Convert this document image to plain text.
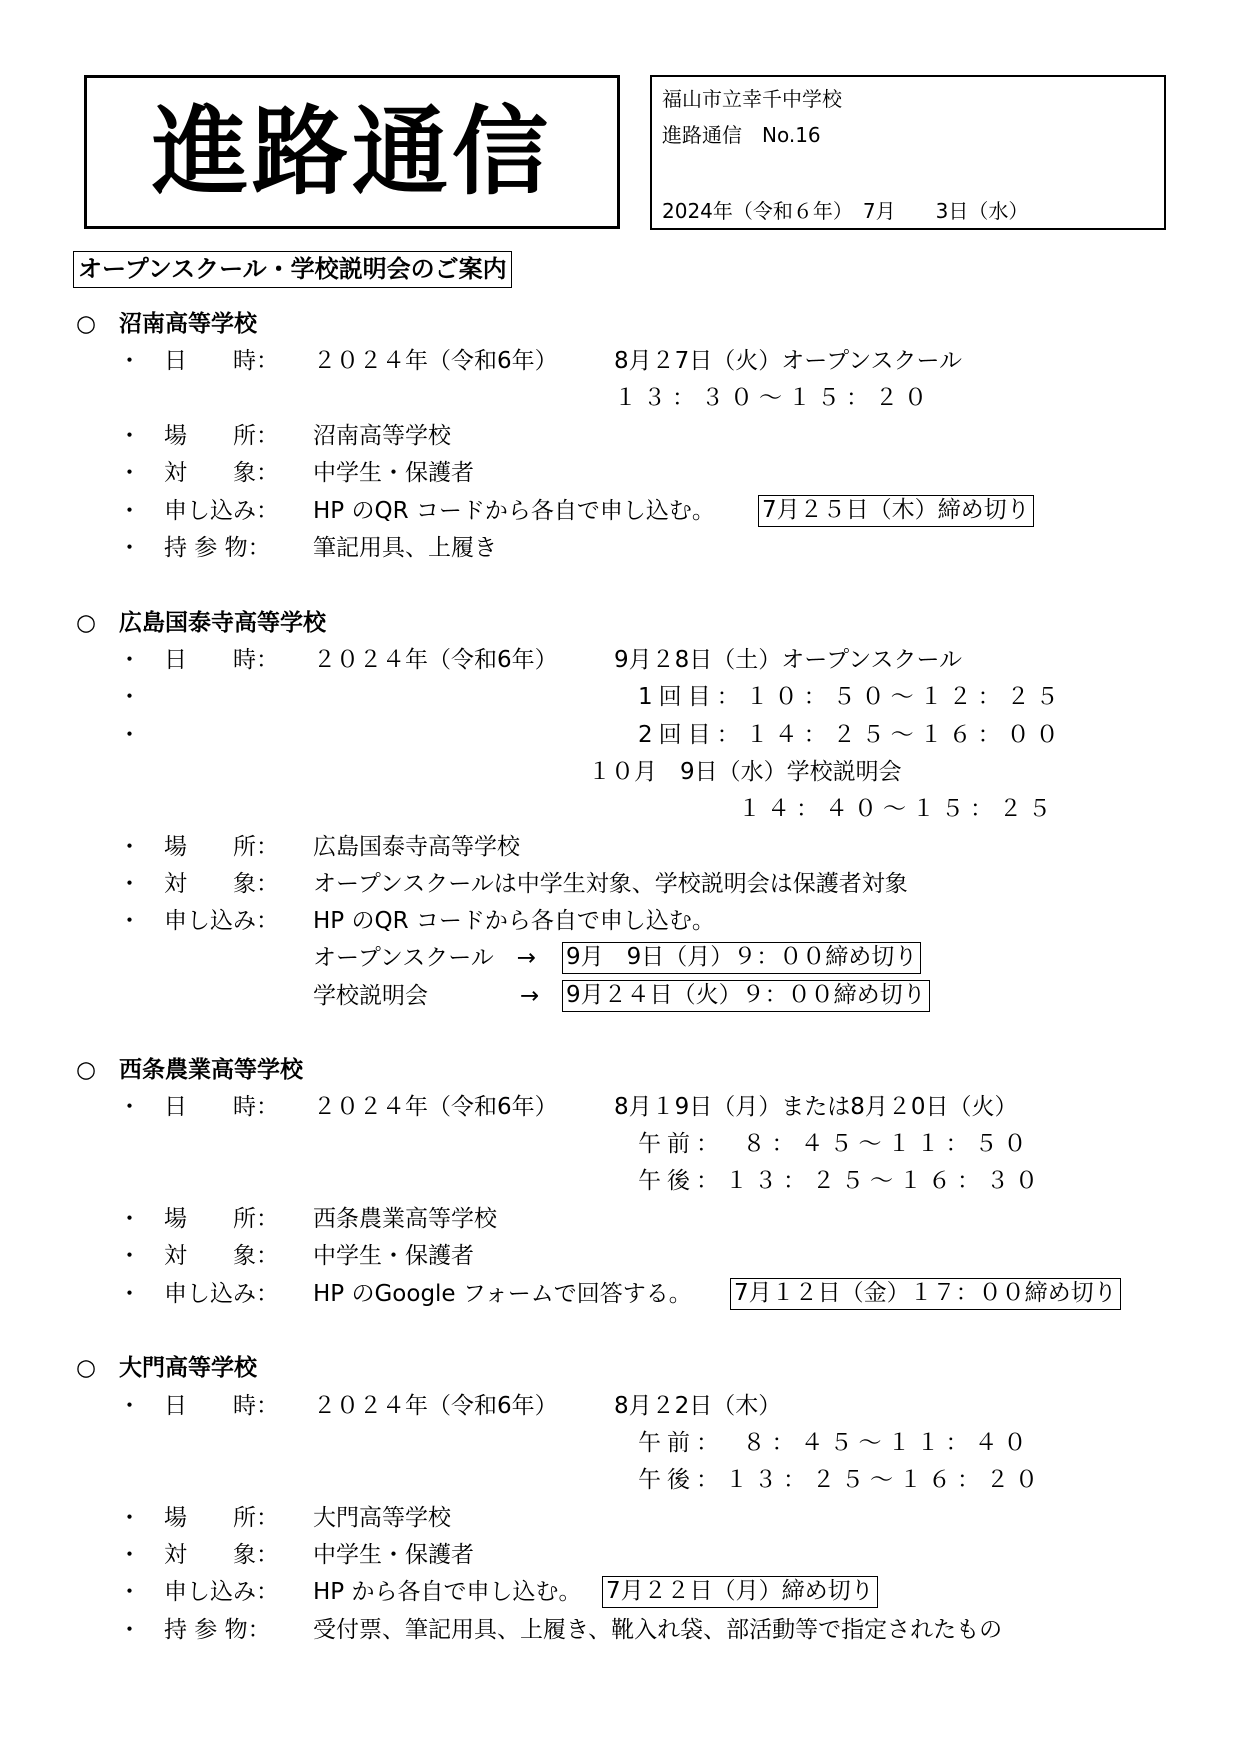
進路通信	福山市立幸千中学校
進路通信　No.16
2024年（令和６年）　7月　　3日（水）
オープンスクール・学校説明会のご案内
○ 沼南高等学校
・ 日　　時： ２０２４年（令和6年） 8月２7日（火）オープンスクール
１３：３０～１５：２０
・ 場　　所： 沼南高等学校
・ 対　　象： 中学生・保護者
・ 申し込み： HP のQR コードから各自で申し込む。 7月２５日（木）締め切り
・ 持 参 物： 筆記用具、上履き
○ 広島国泰寺高等学校
・ 日　　時： ２０２４年（令和6年） 9月２8日（土）オープンスクール
・	1回目：１０：５０～１２：２５
・	2回目：１４：２５～１６：００
１０月　9日（水）学校説明会
１４：４０～１５：２５
・ 場　　所： 広島国泰寺高等学校
・ 対　　象： オープンスクールは中学生対象、学校説明会は保護者対象
・ 申し込み： HP のQR コードから各自で申し込む。
オープンスクール　→ 9月　9日（月）９：００締め切り
学校説明会　　　　→ 9月２４日（火）９：００締め切り
○ 西条農業高等学校
・ 日　　時： ２０２４年（令和6年） 8月１9日（月）または8月２0日（火）
午前：　８：４５～１１：５０
午後：１３：２５～１６：３０
・ 場　　所： 西条農業高等学校
・ 対　　象： 中学生・保護者
・ 申し込み： HP のGoogle フォームで回答する。 7月１２日（金）１７：００締め切り
○ 大門高等学校
・ 日　　時： ２０２４年（令和6年） 8月２2日（木）
午前：　８：４５～１１：４０
午後：１３：２５～１６：２０
・ 場　　所： 大門高等学校
・ 対　　象： 中学生・保護者
・ 申し込み： HP から各自で申し込む。 7月２２日（月）締め切り
・ 持 参 物： 受付票、筆記用具、上履き、靴入れ袋、部活動等で指定されたもの
